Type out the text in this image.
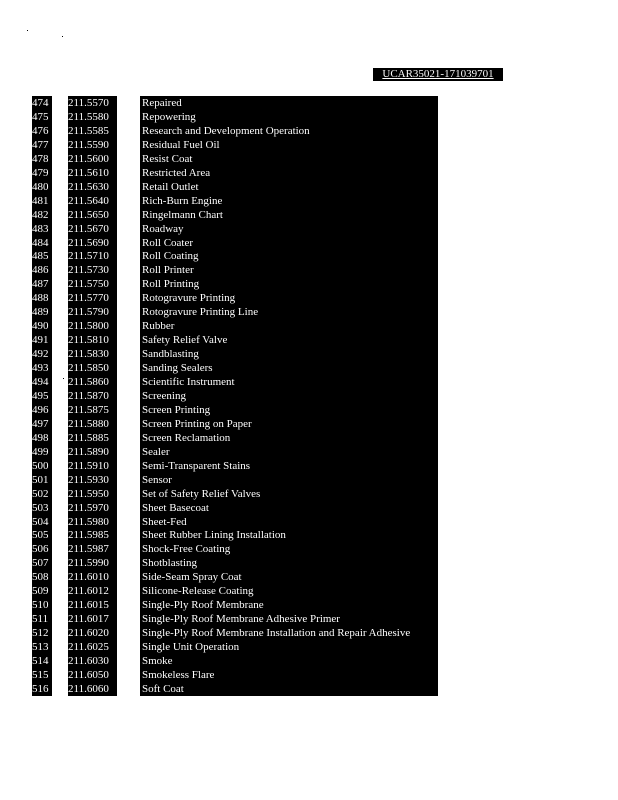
UCAR35021-171039701
474	211.5570	Repaired
475	211.5580	Repowering
476	211.5585	Research and Development Operation
477	211.5590	Residual Fuel Oil
478	211.5600	Resist Coat
479	211.5610	Restricted Area
480	211.5630	Retail Outlet
481	211.5640	Rich-Burn Engine
482	211.5650	Ringelmann Chart
483	211.5670	Roadway
484	211.5690	Roll Coater
485	211.5710	Roll Coating
486	211.5730	Roll Printer
487	211.5750	Roll Printing
488	211.5770	Rotogravure Printing
489	211.5790	Rotogravure Printing Line
490	211.5800	Rubber
491	211.5810	Safety Relief Valve
492	211.5830	Sandblasting
493	211.5850	Sanding Sealers
494	211.5860	Scientific Instrument
495	211.5870	Screening
496	211.5875	Screen Printing
497	211.5880	Screen Printing on Paper
498	211.5885	Screen Reclamation
499	211.5890	Sealer
500	211.5910	Semi-Transparent Stains
501	211.5930	Sensor
502	211.5950	Set of Safety Relief Valves
503	211.5970	Sheet Basecoat
504	211.5980	Sheet-Fed
505	211.5985	Sheet Rubber Lining Installation
506	211.5987	Shock-Free Coating
507	211.5990	Shotblasting
508	211.6010	Side-Seam Spray Coat
509	211.6012	Silicone-Release Coating
510	211.6015	Single-Ply Roof Membrane
511	211.6017	Single-Ply Roof Membrane Adhesive Primer
512	211.6020	Single-Ply Roof Membrane Installation and Repair Adhesive
513	211.6025	Single Unit Operation
514	211.6030	Smoke
515	211.6050	Smokeless Flare
516	211.6060	Soft Coat
